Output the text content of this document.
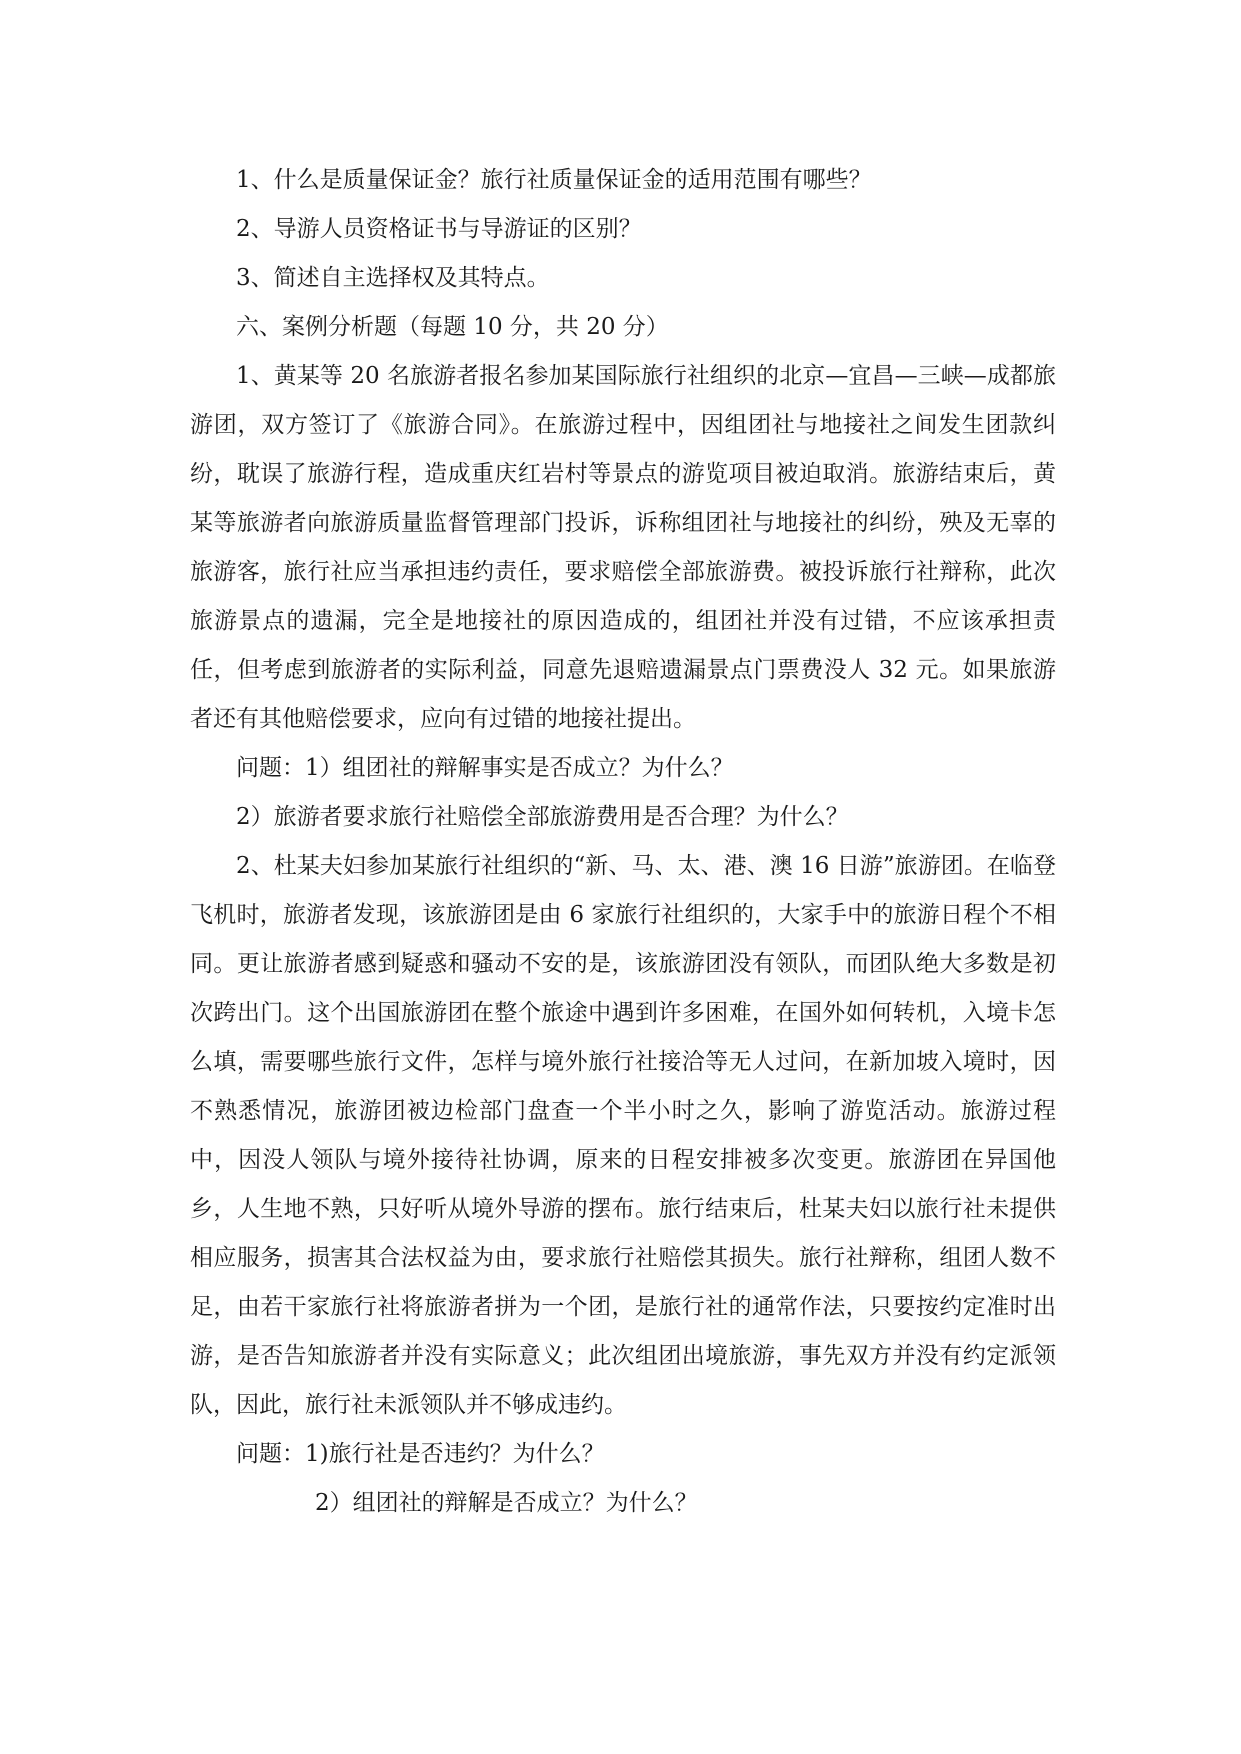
1、什么是质量保证金？旅行社质量保证金的适用范围有哪些？

2、导游人员资格证书与导游证的区别？

3、简述自主选择权及其特点。

六、案例分析题（每题 10 分，共 20 分）

1、黄某等 20 名旅游者报名参加某国际旅行社组织的北京—宜昌—三峡—成都旅游团，双方签订了《旅游合同》。在旅游过程中，因组团社与地接社之间发生团款纠纷，耽误了旅游行程，造成重庆红岩村等景点的游览项目被迫取消。旅游结束后，黄某等旅游者向旅游质量监督管理部门投诉，诉称组团社与地接社的纠纷，殃及无辜的旅游客，旅行社应当承担违约责任，要求赔偿全部旅游费。被投诉旅行社辩称，此次旅游景点的遗漏，完全是地接社的原因造成的，组团社并没有过错，不应该承担责任，但考虑到旅游者的实际利益，同意先退赔遗漏景点门票费没人 32 元。如果旅游者还有其他赔偿要求，应向有过错的地接社提出。

问题：1）组团社的辩解事实是否成立？为什么？

2）旅游者要求旅行社赔偿全部旅游费用是否合理？为什么？

2、杜某夫妇参加某旅行社组织的“新、马、太、港、澳 16 日游”旅游团。在临登飞机时，旅游者发现，该旅游团是由 6 家旅行社组织的，大家手中的旅游日程个不相同。更让旅游者感到疑惑和骚动不安的是，该旅游团没有领队，而团队绝大多数是初次跨出门。这个出国旅游团在整个旅途中遇到许多困难，在国外如何转机，入境卡怎么填，需要哪些旅行文件，怎样与境外旅行社接洽等无人过问，在新加坡入境时，因不熟悉情况，旅游团被边检部门盘查一个半小时之久，影响了游览活动。旅游过程中，因没人领队与境外接待社协调，原来的日程安排被多次变更。旅游团在异国他乡，人生地不熟，只好听从境外导游的摆布。旅行结束后，杜某夫妇以旅行社未提供相应服务，损害其合法权益为由，要求旅行社赔偿其损失。旅行社辩称，组团人数不足，由若干家旅行社将旅游者拼为一个团，是旅行社的通常作法，只要按约定准时出游，是否告知旅游者并没有实际意义；此次组团出境旅游，事先双方并没有约定派领队，因此，旅行社未派领队并不够成违约。

问题：1)旅行社是否违约？为什么？

2）组团社的辩解是否成立？为什么？
